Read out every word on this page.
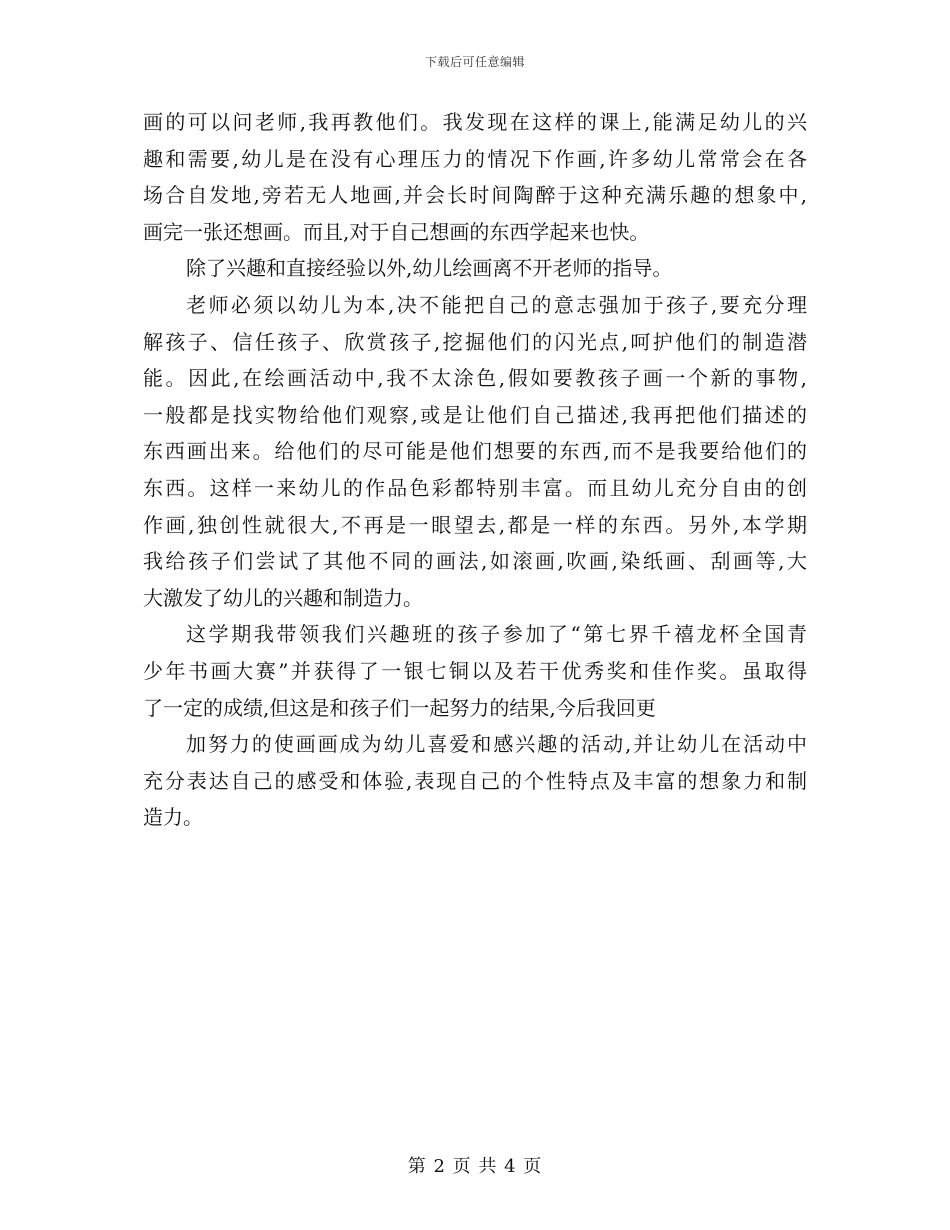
下载后可任意编辑
画的可以问老师,我再教他们。我发现在这样的课上,能满足幼儿的兴
趣和需要,幼儿是在没有心理压力的情况下作画,许多幼儿常常会在各
场合自发地,旁若无人地画,并会长时间陶醉于这种充满乐趣的想象中,
画完一张还想画。而且,对于自己想画的东西学起来也快。
除了兴趣和直接经验以外,幼儿绘画离不开老师的指导。
老师必须以幼儿为本,决不能把自己的意志强加于孩子,要充分理
解孩子、信任孩子、欣赏孩子,挖掘他们的闪光点,呵护他们的制造潜
能。因此,在绘画活动中,我不太涂色,假如要教孩子画一个新的事物,
一般都是找实物给他们观察,或是让他们自己描述,我再把他们描述的
东西画出来。给他们的尽可能是他们想要的东西,而不是我要给他们的
东西。这样一来幼儿的作品色彩都特别丰富。而且幼儿充分自由的创
作画,独创性就很大,不再是一眼望去,都是一样的东西。另外,本学期
我给孩子们尝试了其他不同的画法,如滚画,吹画,染纸画、刮画等,大
大激发了幼儿的兴趣和制造力。
这学期我带领我们兴趣班的孩子参加了“第七界千禧龙杯全国青
少年书画大赛”并获得了一银七铜以及若干优秀奖和佳作奖。虽取得
了一定的成绩,但这是和孩子们一起努力的结果,今后我回更
加努力的使画画成为幼儿喜爱和感兴趣的活动,并让幼儿在活动中
充分表达自己的感受和体验,表现自己的个性特点及丰富的想象力和制
造力。
第 2 页 共 4 页
